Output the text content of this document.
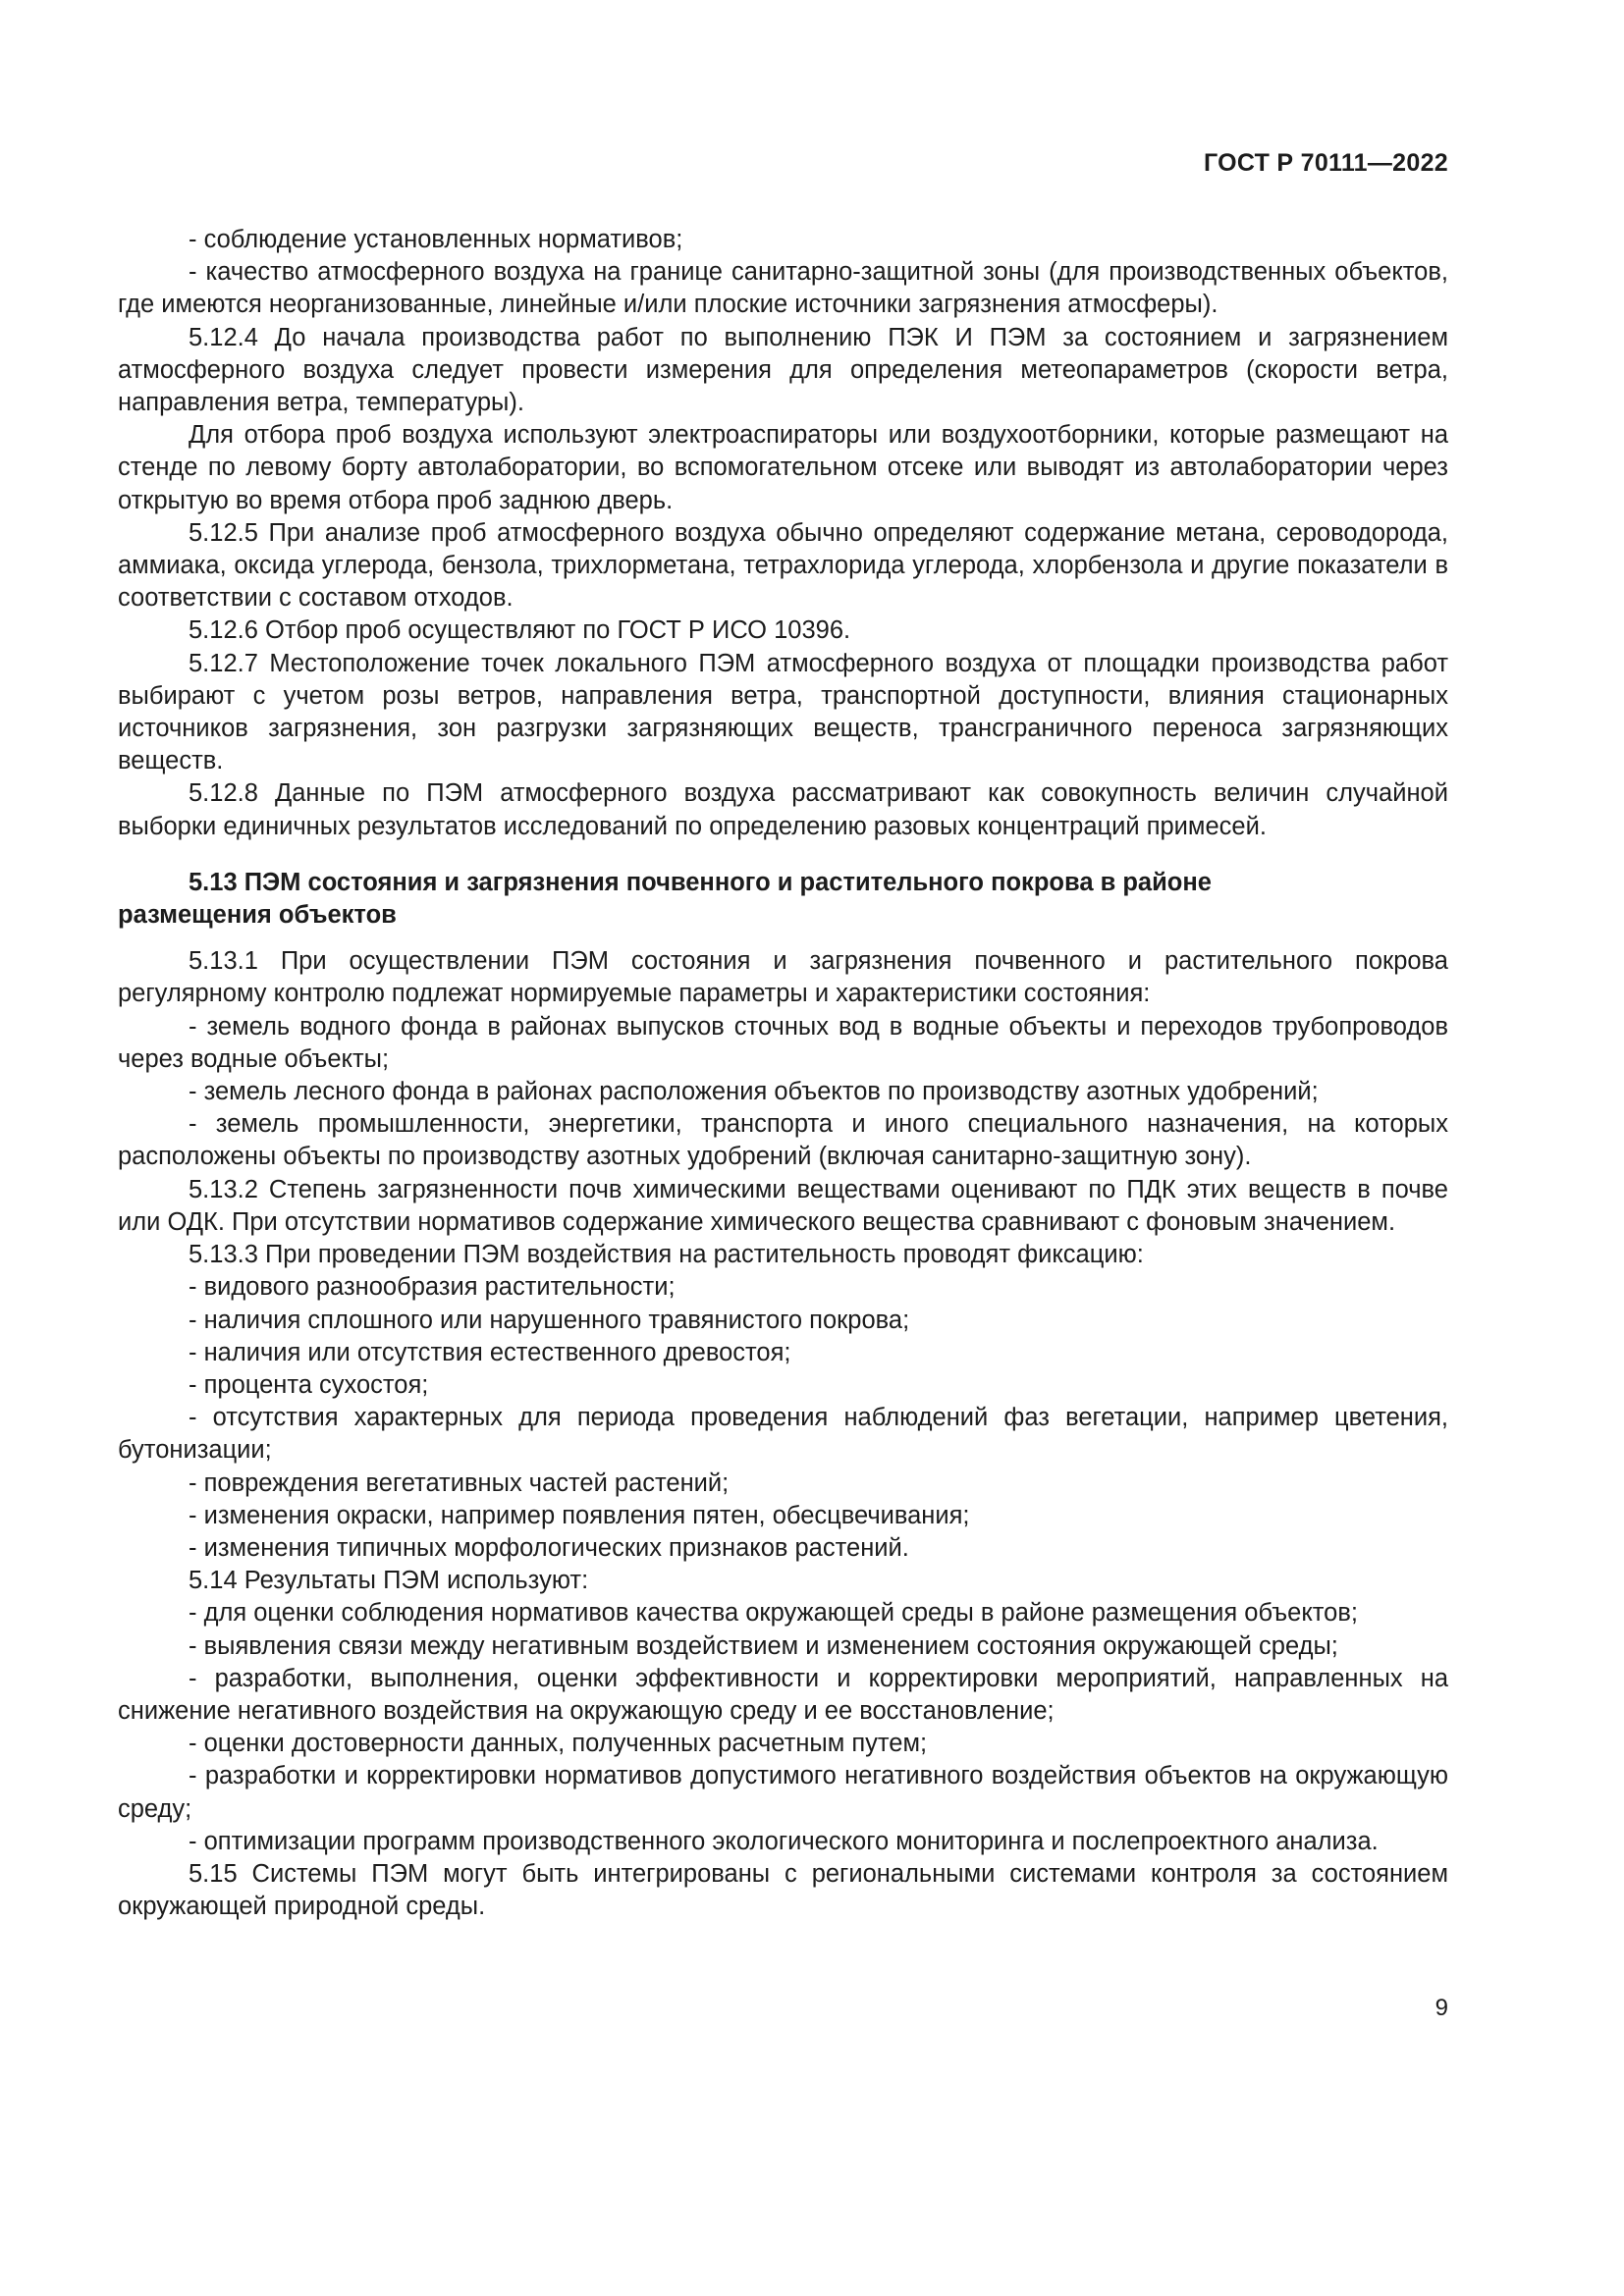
ГОСТ Р 70111—2022

- соблюдение установленных нормативов;

- качество атмосферного воздуха на границе санитарно-защитной зоны (для производственных объектов, где имеются неорганизованные, линейные и/или плоские источники загрязнения атмосферы).

5.12.4 До начала производства работ по выполнению ПЭК И ПЭМ за состоянием и загрязнением атмосферного воздуха следует провести измерения для определения метеопараметров (скорости ветра, направления ветра, температуры).

Для отбора проб воздуха используют электроаспираторы или воздухоотборники, которые размещают на стенде по левому борту автолаборатории, во вспомогательном отсеке или выводят из автолаборатории через открытую во время отбора проб заднюю дверь.

5.12.5 При анализе проб атмосферного воздуха обычно определяют содержание метана, сероводорода, аммиака, оксида углерода, бензола, трихлорметана, тетрахлорида углерода, хлорбензола и другие показатели в соответствии с составом отходов.

5.12.6 Отбор проб осуществляют по ГОСТ Р ИСО 10396.

5.12.7 Местоположение точек локального ПЭМ атмосферного воздуха от площадки производства работ выбирают с учетом розы ветров, направления ветра, транспортной доступности, влияния стационарных источников загрязнения, зон разгрузки загрязняющих веществ, трансграничного переноса загрязняющих веществ.

5.12.8 Данные по ПЭМ атмосферного воздуха рассматривают как совокупность величин случайной выборки единичных результатов исследований по определению разовых концентраций примесей.

5.13 ПЭМ состояния и загрязнения почвенного и растительного покрова в районе размещения объектов

5.13.1 При осуществлении ПЭМ состояния и загрязнения почвенного и растительного покрова регулярному контролю подлежат нормируемые параметры и характеристики состояния:

- земель водного фонда в районах выпусков сточных вод в водные объекты и переходов трубопроводов через водные объекты;

- земель лесного фонда в районах расположения объектов по производству азотных удобрений;

- земель промышленности, энергетики, транспорта и иного специального назначения, на которых расположены объекты по производству азотных удобрений (включая санитарно-защитную зону).

5.13.2 Степень загрязненности почв химическими веществами оценивают по ПДК этих веществ в почве или ОДК. При отсутствии нормативов содержание химического вещества сравнивают с фоновым значением.

5.13.3 При проведении ПЭМ воздействия на растительность проводят фиксацию:

- видового разнообразия растительности;

- наличия сплошного или нарушенного травянистого покрова;

- наличия или отсутствия естественного древостоя;

- процента сухостоя;

- отсутствия характерных для периода проведения наблюдений фаз вегетации, например цветения, бутонизации;

- повреждения вегетативных частей растений;

- изменения окраски, например появления пятен, обесцвечивания;

- изменения типичных морфологических признаков растений.

5.14 Результаты ПЭМ используют:

- для оценки соблюдения нормативов качества окружающей среды в районе размещения объектов;

- выявления связи между негативным воздействием и изменением состояния окружающей среды;

- разработки, выполнения, оценки эффективности и корректировки мероприятий, направленных на снижение негативного воздействия на окружающую среду и ее восстановление;

- оценки достоверности данных, полученных расчетным путем;

- разработки и корректировки нормативов допустимого негативного воздействия объектов на окружающую среду;

- оптимизации программ производственного экологического мониторинга и послепроектного анализа.

5.15 Системы ПЭМ могут быть интегрированы с региональными системами контроля за состоянием окружающей природной среды.

9
